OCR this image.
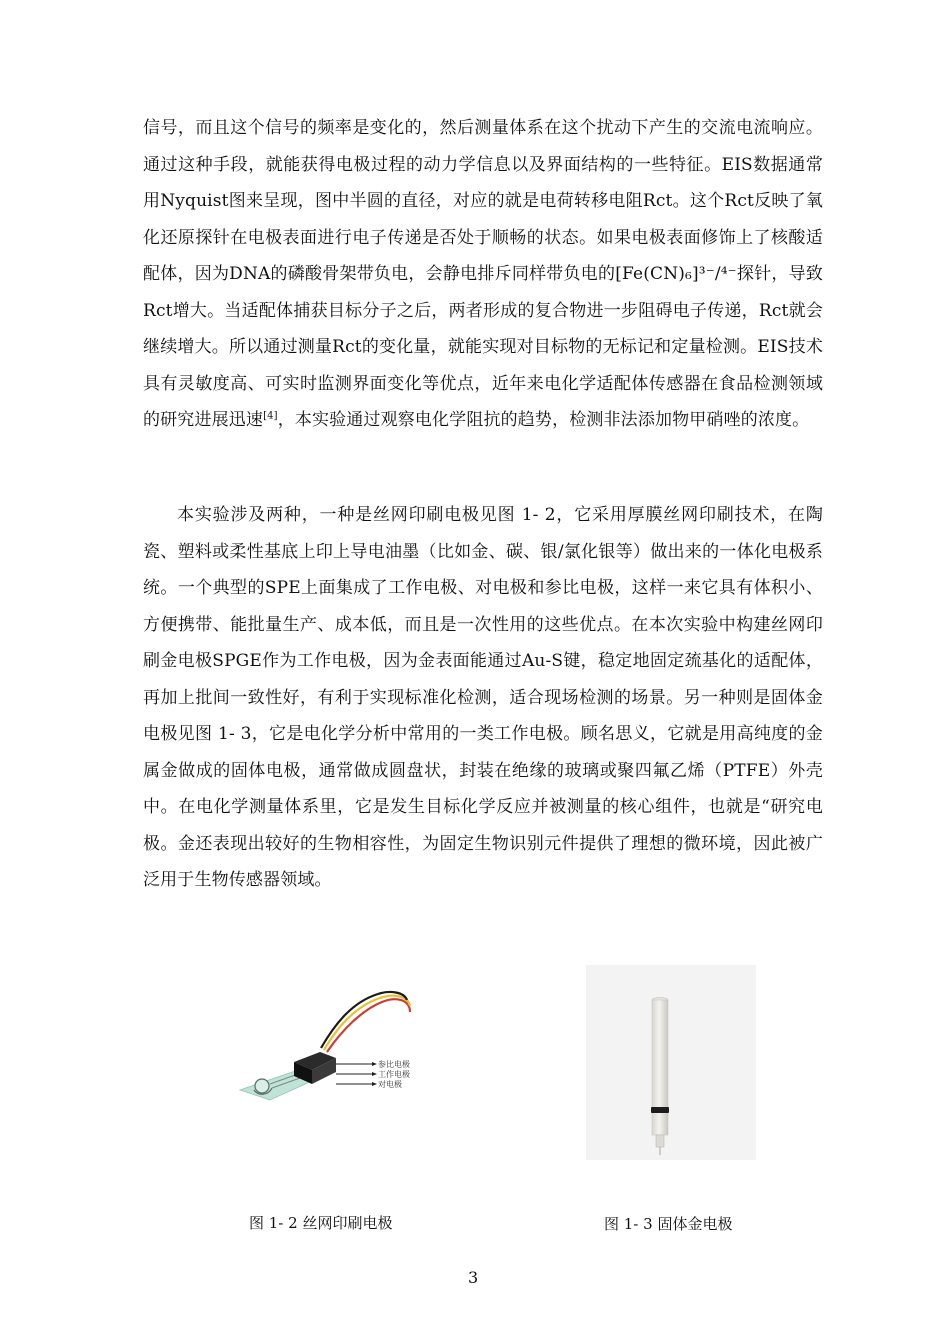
信号，而且这个信号的频率是变化的，然后测量体系在这个扰动下产生的交流电流响应。通过这种手段，就能获得电极过程的动力学信息以及界面结构的一些特征。EIS数据通常用Nyquist图来呈现，图中半圆的直径，对应的就是电荷转移电阻Rct。这个Rct反映了氧化还原探针在电极表面进行电子传递是否处于顺畅的状态。如果电极表面修饰上了核酸适配体，因为DNA的磷酸骨架带负电，会静电排斥同样带负电的[Fe(CN)₆]³⁻/⁴⁻探针，导致Rct增大。当适配体捕获目标分子之后，两者形成的复合物进一步阻碍电子传递，Rct就会继续增大。所以通过测量Rct的变化量，就能实现对目标物的无标记和定量检测。EIS技术具有灵敏度高、可实时监测界面变化等优点，近年来电化学适配体传感器在食品检测领域的研究进展迅速[4]，本实验通过观察电化学阻抗的趋势，检测非法添加物甲硝唑的浓度。

本实验涉及两种，一种是丝网印刷电极见图 1- 2，它采用厚膜丝网印刷技术，在陶瓷、塑料或柔性基底上印上导电油墨（比如金、碳、银/氯化银等）做出来的一体化电极系统。一个典型的SPE上面集成了工作电极、对电极和参比电极，这样一来它具有体积小、方便携带、能批量生产、成本低，而且是一次性用的这些优点。在本次实验中构建丝网印刷金电极SPGE作为工作电极，因为金表面能通过Au-S键，稳定地固定巯基化的适配体，再加上批间一致性好，有利于实现标准化检测，适合现场检测的场景。另一种则是固体金电极见图 1- 3，它是电化学分析中常用的一类工作电极。顾名思义，它就是用高纯度的金属金做成的固体电极，通常做成圆盘状，封装在绝缘的玻璃或聚四氟乙烯（PTFE）外壳中。在电化学测量体系里，它是发生目标化学反应并被测量的核心组件，也就是“研究电极。金还表现出较好的生物相容性，为固定生物识别元件提供了理想的微环境，因此被广泛用于生物传感器领域。

参比电极
工作电极
对电极
图 1- 2 丝网印刷电极	图 1- 3 固体金电极
3
